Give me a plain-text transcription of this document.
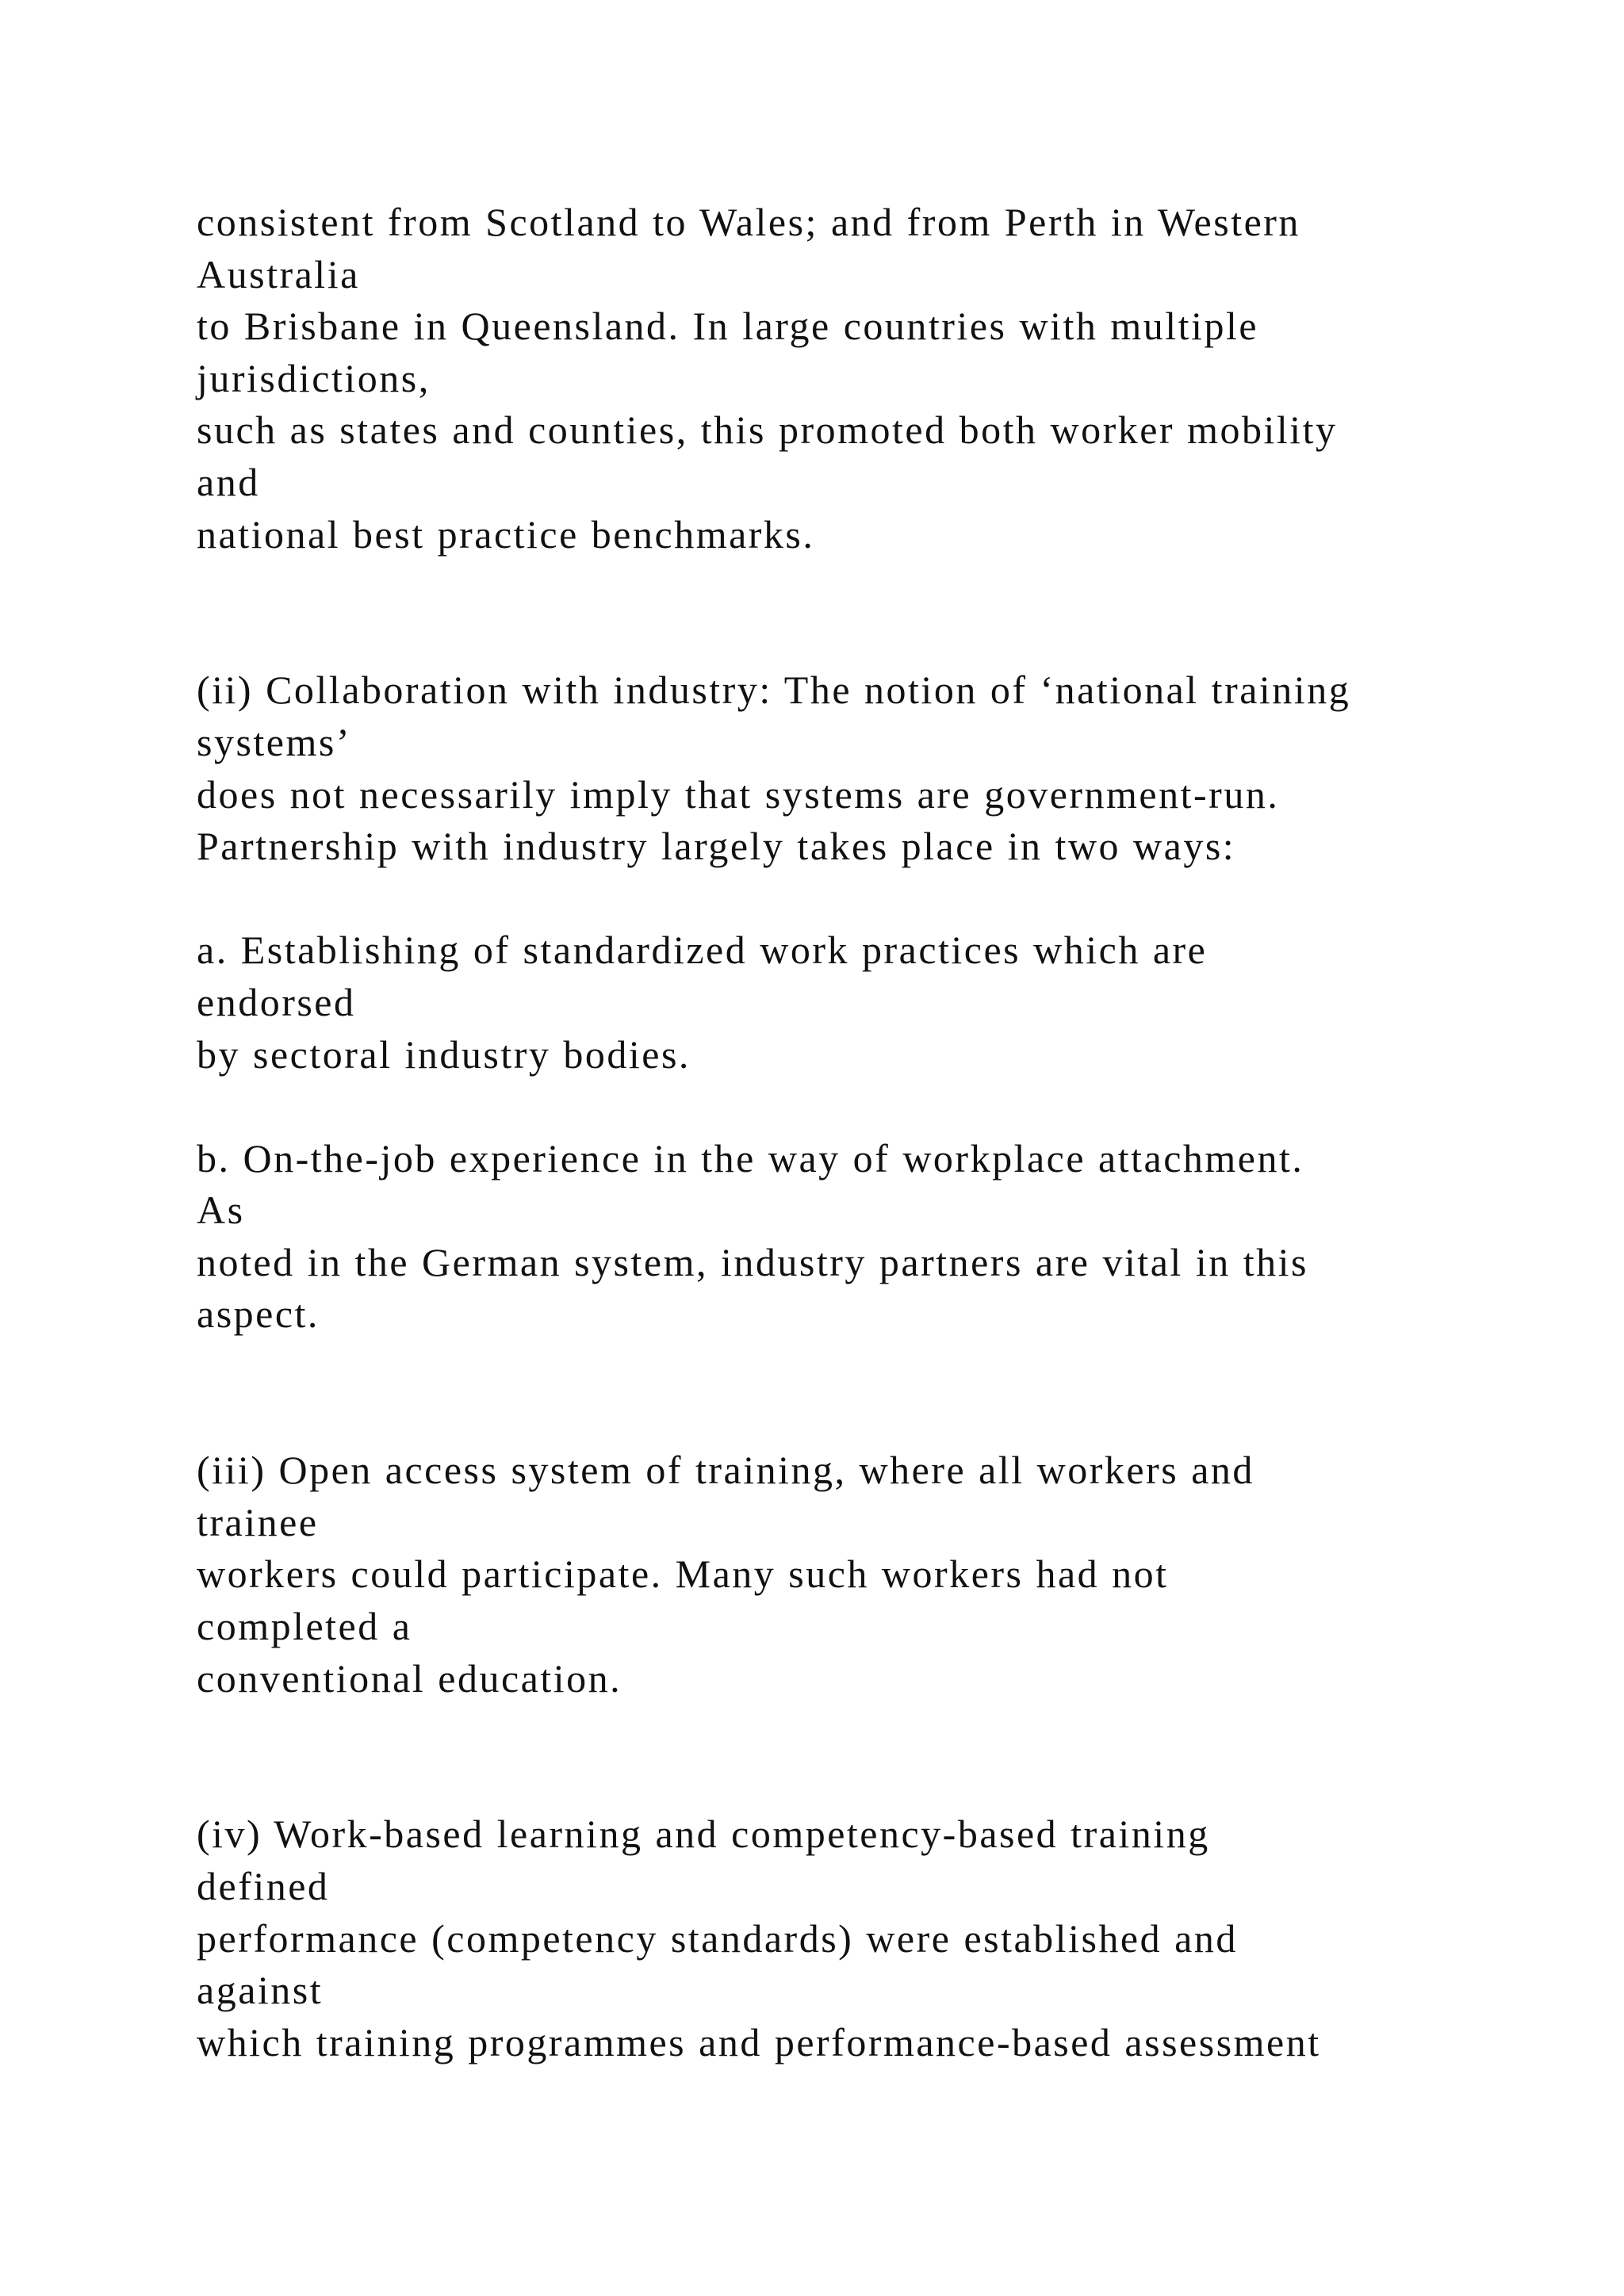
consistent from Scotland to Wales; and from Perth in Western
Australia
to Brisbane in Queensland. In large countries with multiple
jurisdictions,
such as states and counties, this promoted both worker mobility
and
national best practice benchmarks.
(ii) Collaboration with industry: The notion of ‘national training
systems’
does not necessarily imply that systems are government-run.
Partnership with industry largely takes place in two ways:
a. Establishing of standardized work practices which are
endorsed
by sectoral industry bodies.
b. On-the-job experience in the way of workplace attachment.
As
noted in the German system, industry partners are vital in this
aspect.
(iii) Open access system of training, where all workers and
trainee
workers could participate. Many such workers had not
completed a
conventional education.
(iv) Work-based learning and competency-based training
defined
performance (competency standards) were established and
against
which training programmes and performance-based assessment
